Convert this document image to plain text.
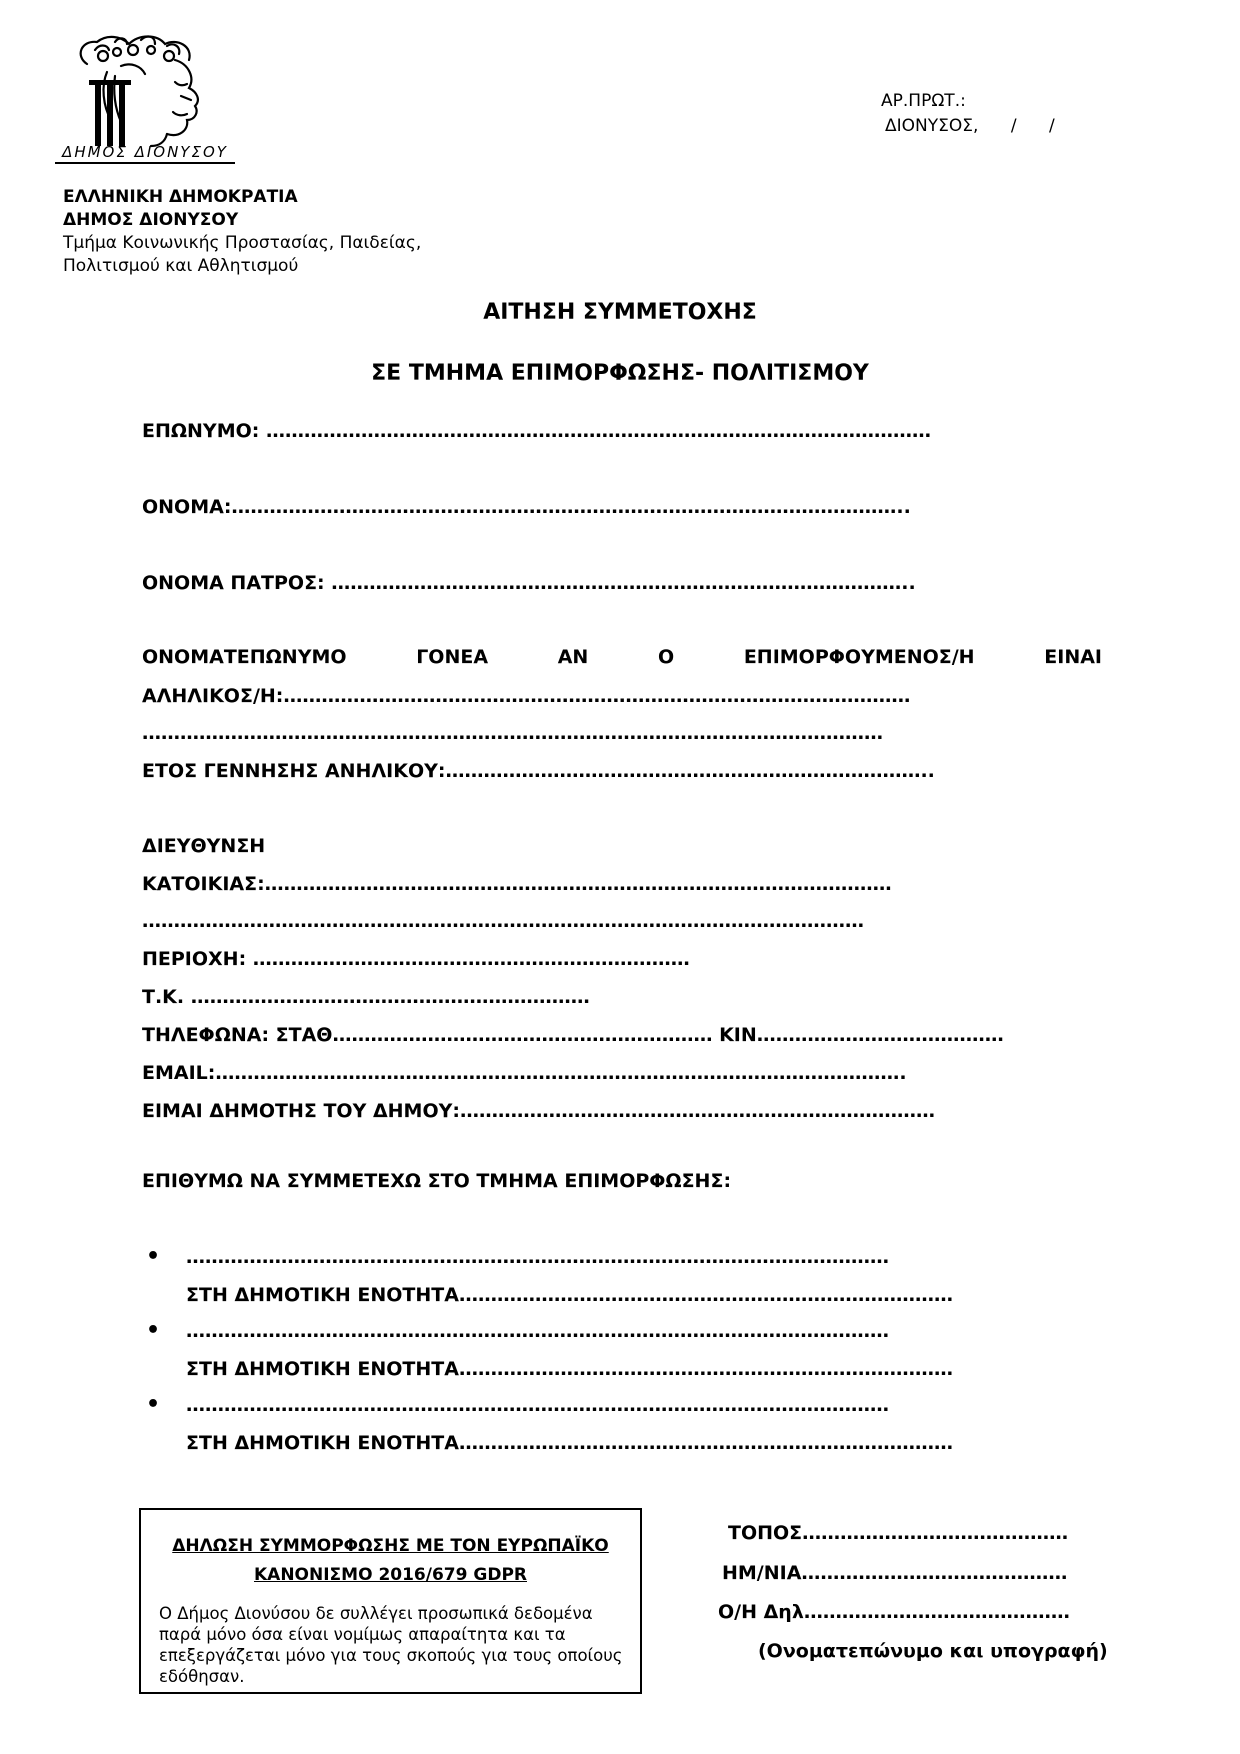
ΔΗΜΟΣ ΔΙΟΝΥΣΟΥ
ΑΡ.ΠΡΩΤ.:
ΔΙΟΝΥΣΟΣ,      /      /
ΕΛΛΗΝΙΚΗ ΔΗΜΟΚΡΑΤΙΑ
ΔΗΜΟΣ ΔΙΟΝΥΣΟΥ
Τμήμα Κοινωνικής Προστασίας, Παιδείας,
Πολιτισμού και Αθλητισμού
ΑΙΤΗΣΗ ΣΥΜΜΕΤΟΧΗΣ
ΣΕ ΤΜΗΜΑ ΕΠΙΜΟΡΦΩΣΗΣ- ΠΟΛΙΤΙΣΜΟΥ
ΕΠΩΝΥΜΟ: ……………………………………………………………………………………………
ΟΝΟΜΑ:……………………………………………………………………………………………..
ΟΝΟΜΑ ΠΑΤΡΟΣ: ………………………………………………………………………………..
ΟΝΟΜΑΤΕΠΩΝΥΜΟ	ΓΟΝΕΑ	ΑΝ	Ο	ΕΠΙΜΟΡΦΟΥΜΕΝΟΣ/Η	ΕΙΝΑΙ
ΑΛΗΛΙΚΟΣ/Η:………………………………………………………………………………………
………………………………………………………………………………………………………
ΕΤΟΣ ΓΕΝΝΗΣΗΣ ΑΝΗΛΙΚΟΥ:…………………………………………………………………..
ΔΙΕΥΘΥΝΣΗ
ΚΑΤΟΙΚΙΑΣ:………………………………………………………………………………………
……………………………………………………………………………………………………
ΠΕΡΙΟΧΗ: ……………………………………………………………
Τ.Κ. ………………………………………………………
ΤΗΛΕΦΩΝΑ: ΣΤΑΘ…………………………………………………… ΚΙΝ…………………………………
EMAIL:……………………………………………………………………………………………….
ΕΙΜΑΙ ΔΗΜΟΤΗΣ ΤΟΥ ΔΗΜΟΥ:…………………………………………………………………
ΕΠΙΘΥΜΩ ΝΑ ΣΥΜΜΕΤΕΧΩ ΣΤΟ ΤΜΗΜΑ ΕΠΙΜΟΡΦΩΣΗΣ:
• …………………………………………………………………………………………………
ΣΤΗ ΔΗΜΟΤΙΚΗ ΕΝΟΤΗΤΑ……………………………………………………………………
• …………………………………………………………………………………………………
ΣΤΗ ΔΗΜΟΤΙΚΗ ΕΝΟΤΗΤΑ……………………………………………………………………
• …………………………………………………………………………………………………
ΣΤΗ ΔΗΜΟΤΙΚΗ ΕΝΟΤΗΤΑ……………………………………………………………………
ΔΗΛΩΣΗ ΣΥΜΜΟΡΦΩΣΗΣ ΜΕ ΤΟΝ ΕΥΡΩΠΑΪΚΟ
ΚΑΝΟΝΙΣΜΟ 2016/679 GDPR
Ο Δήμος Διονύσου δε συλλέγει προσωπικά δεδομένα
παρά μόνο όσα είναι νομίμως απαραίτητα και τα
επεξεργάζεται μόνο για τους σκοπούς για τους οποίους
εδόθησαν.
ΤΟΠΟΣ……………………………………
ΗΜ/ΝΙΑ……………………………………
Ο/Η Δηλ……………………………………
(Ονοματεπώνυμο και υπογραφή)
